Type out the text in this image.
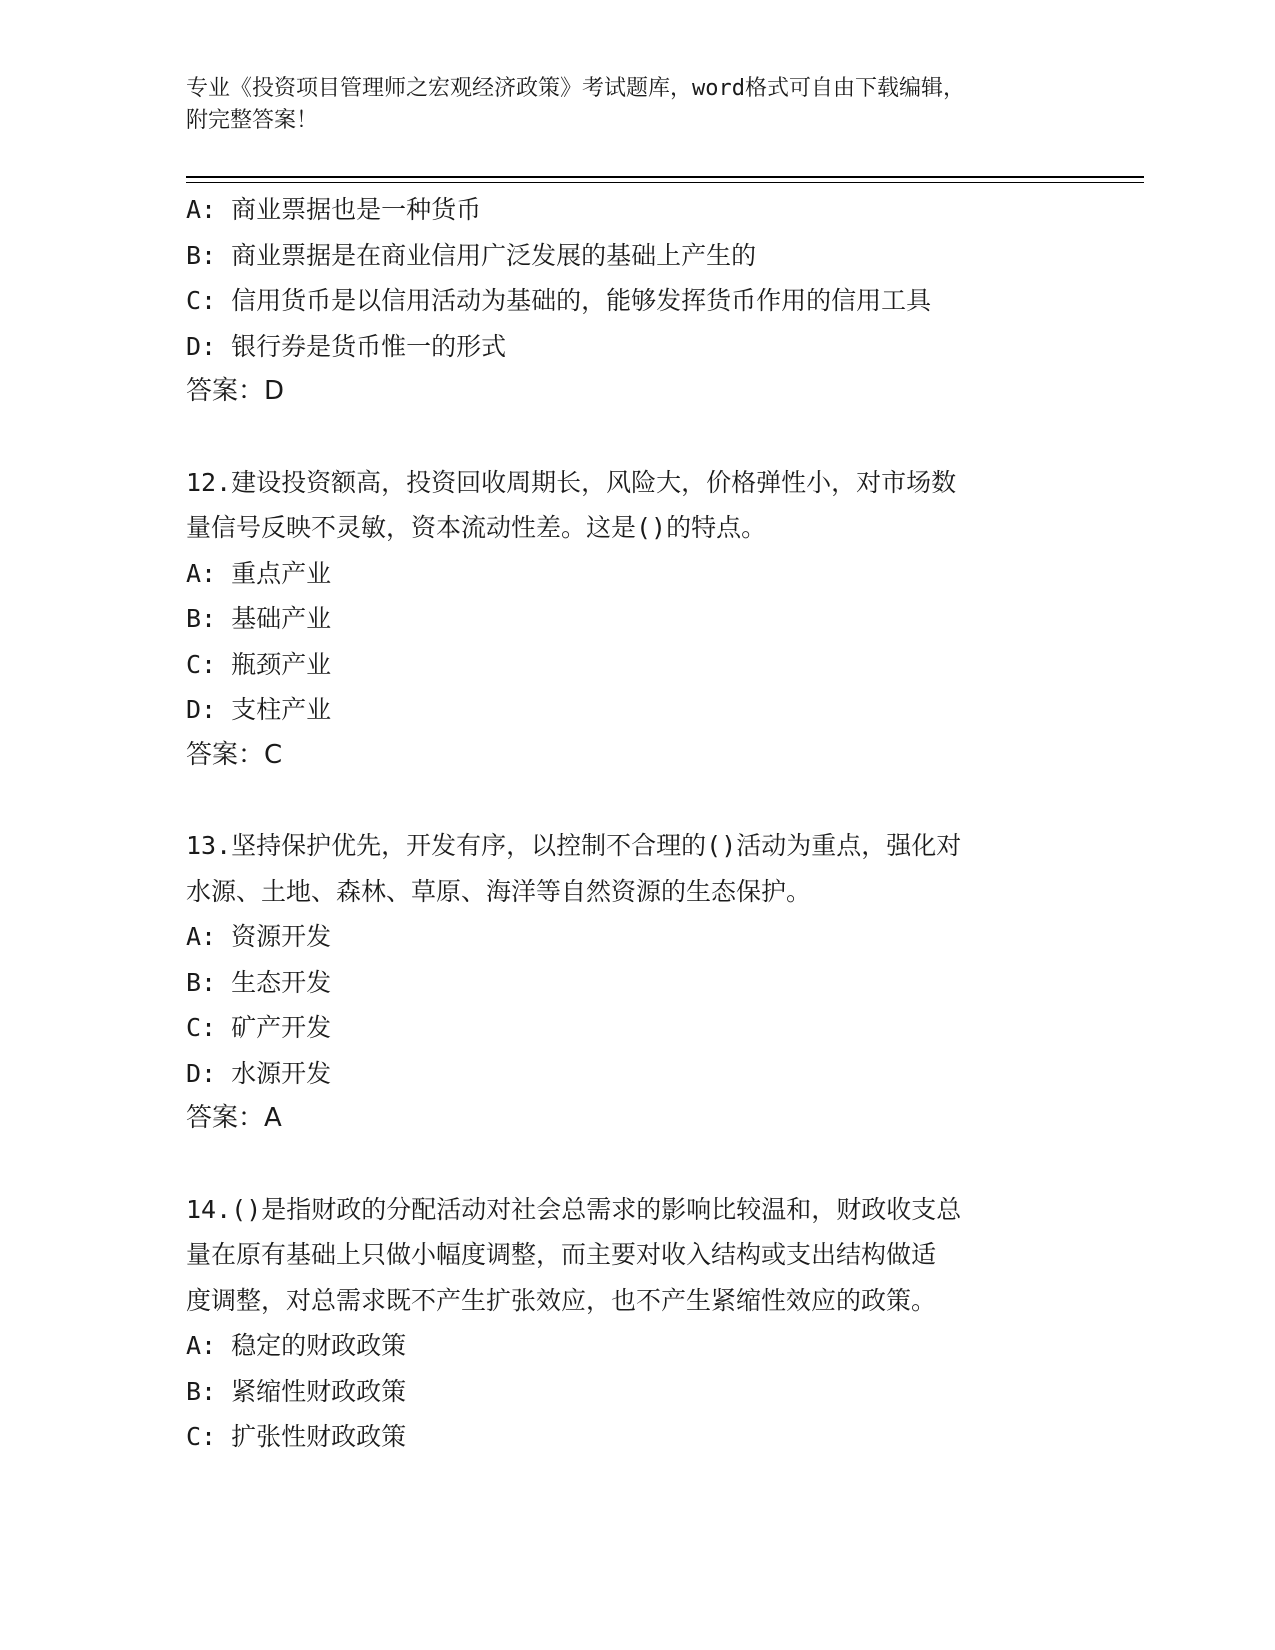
专业《投资项目管理师之宏观经济政策》考试题库，word格式可自由下载编辑，
附完整答案！
A: 商业票据也是一种货币
B: 商业票据是在商业信用广泛发展的基础上产生的
C: 信用货币是以信用活动为基础的，能够发挥货币作用的信用工具
D: 银行券是货币惟一的形式
答案：D
12.建设投资额高，投资回收周期长，风险大，价格弹性小，对市场数
量信号反映不灵敏，资本流动性差。这是()的特点。
A: 重点产业
B: 基础产业
C: 瓶颈产业
D: 支柱产业
答案：C
13.坚持保护优先，开发有序，以控制不合理的()活动为重点，强化对
水源、土地、森林、草原、海洋等自然资源的生态保护。
A: 资源开发
B: 生态开发
C: 矿产开发
D: 水源开发
答案：A
14.()是指财政的分配活动对社会总需求的影响比较温和，财政收支总
量在原有基础上只做小幅度调整，而主要对收入结构或支出结构做适
度调整，对总需求既不产生扩张效应，也不产生紧缩性效应的政策。
A: 稳定的财政政策
B: 紧缩性财政政策
C: 扩张性财政政策
